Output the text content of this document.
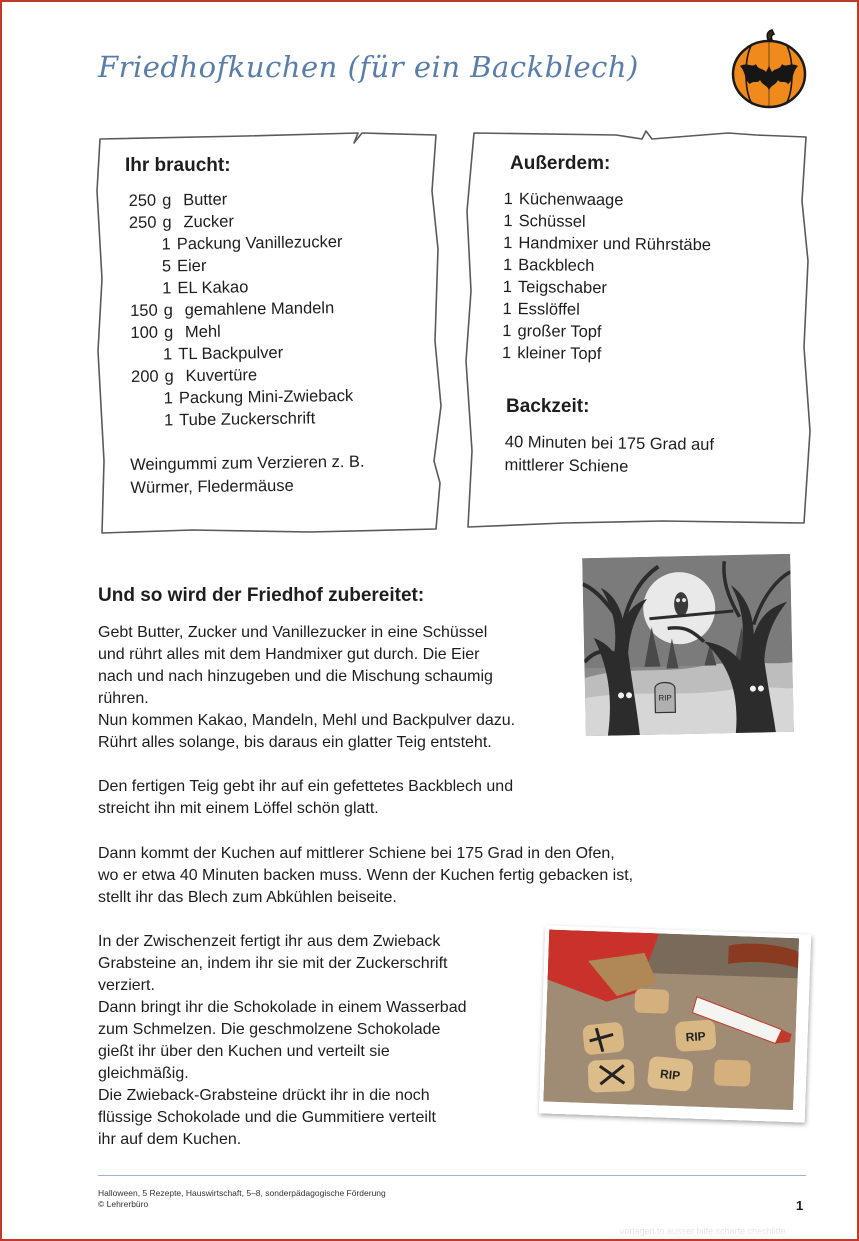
Friedhofkuchen (für ein Backblech)
Ihr braucht:
250 g Butter
250 g Zucker
1 Packung Vanillezucker
5 Eier
1 EL Kakao
150 g gemahlene Mandeln
100 g Mehl
1 TL Backpulver
200 g Kuvertüre
1 Packung Mini-Zwieback
1 Tube Zuckerschrift
Weingummi zum Verzieren z. B.
Würmer, Fledermäuse
Außerdem:
1 Küchenwaage
1 Schüssel
1 Handmixer und Rührstäbe
1 Backblech
1 Teigschaber
1 Esslöffel
1 großer Topf
1 kleiner Topf
Backzeit:
40 Minuten bei 175 Grad auf
mittlerer Schiene
Und so wird der Friedhof zubereitet:

Gebt Butter, Zucker und Vanillezucker in eine Schüssel
und rührt alles mit dem Handmixer gut durch. Die Eier
nach und nach hinzugeben und die Mischung schaumig
rühren.
Nun kommen Kakao, Mandeln, Mehl und Backpulver dazu.
Rührt alles solange, bis daraus ein glatter Teig entsteht.

Den fertigen Teig gebt ihr auf ein gefettetes Backblech und
streicht ihn mit einem Löffel schön glatt.

Dann kommt der Kuchen auf mittlerer Schiene bei 175 Grad in den Ofen,
wo er etwa 40 Minuten backen muss. Wenn der Kuchen fertig gebacken ist,
stellt ihr das Blech zum Abkühlen beiseite.

In der Zwischenzeit fertigt ihr aus dem Zwieback
Grabsteine an, indem ihr sie mit der Zuckerschrift
verziert.
Dann bringt ihr die Schokolade in einem Wasserbad
zum Schmelzen. Die geschmolzene Schokolade
gießt ihr über den Kuchen und verteilt sie
gleichmäßig.
Die Zwieback-Grabsteine drückt ihr in die noch
flüssige Schokolade und die Gummitiere verteilt
ihr auf dem Kuchen.

RIP
RIP
RIP
Halloween, 5 Rezepte, Hauswirtschaft, 5–8, sonderpädagogische Förderung
© Lehrerbüro	1
vorlagen.to ausser hilfe scharfe chechlitte
